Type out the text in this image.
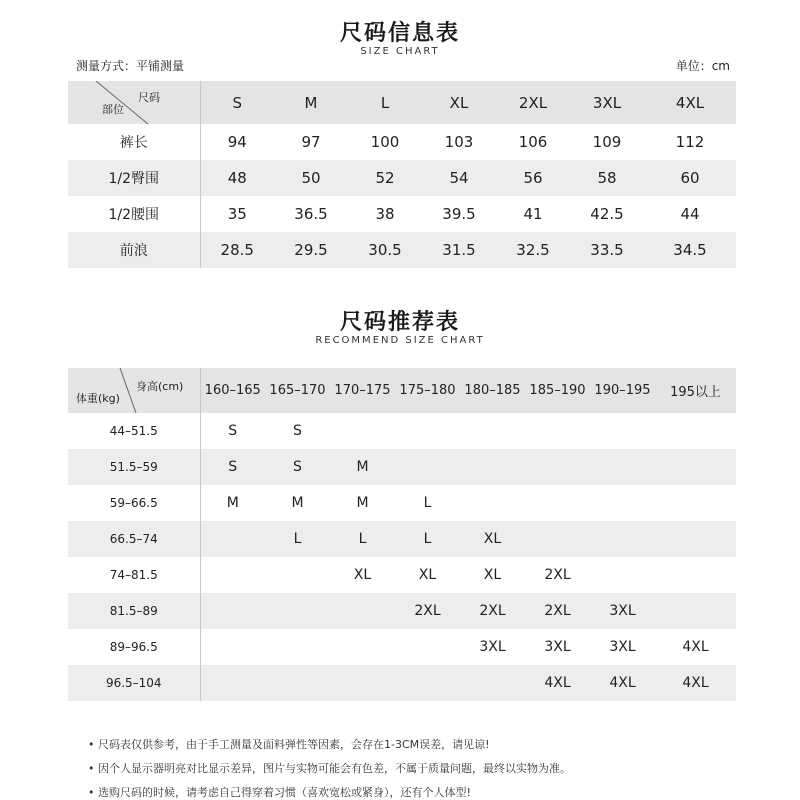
尺码信息表
SIZE CHART
测量方式：平铺测量	单位：cm
尺码
部位	S	M	L	XL	2XL	3XL	4XL
裤长	94	97	100	103	106	109	112
1/2臀围	48	50	52	54	56	58	60
1/2腰围	35	36.5	38	39.5	41	42.5	44
前浪	28.5	29.5	30.5	31.5	32.5	33.5	34.5
尺码推荐表
RECOMMEND SIZE CHART
身高(cm)
体重(kg)	160–165	165–170	170–175	175–180	180–185	185–190	190–195	195以上
44–51.5	S	S						
51.5–59	S	S	M					
59–66.5	M	M	M	L				
66.5–74		L	L	L	XL			
74–81.5			XL	XL	XL	2XL		
81.5–89				2XL	2XL	2XL	3XL	
89–96.5					3XL	3XL	3XL	4XL
96.5–104						4XL	4XL	4XL
• 尺码表仅供参考，由于手工测量及面料弹性等因素，会存在1-3CM误差，请见谅!
• 因个人显示器明亮对比显示差异，图片与实物可能会有色差，不属于质量问题，最终以实物为准。
• 选购尺码的时候，请考虑自己得穿着习惯（喜欢宽松或紧身），还有个人体型!
